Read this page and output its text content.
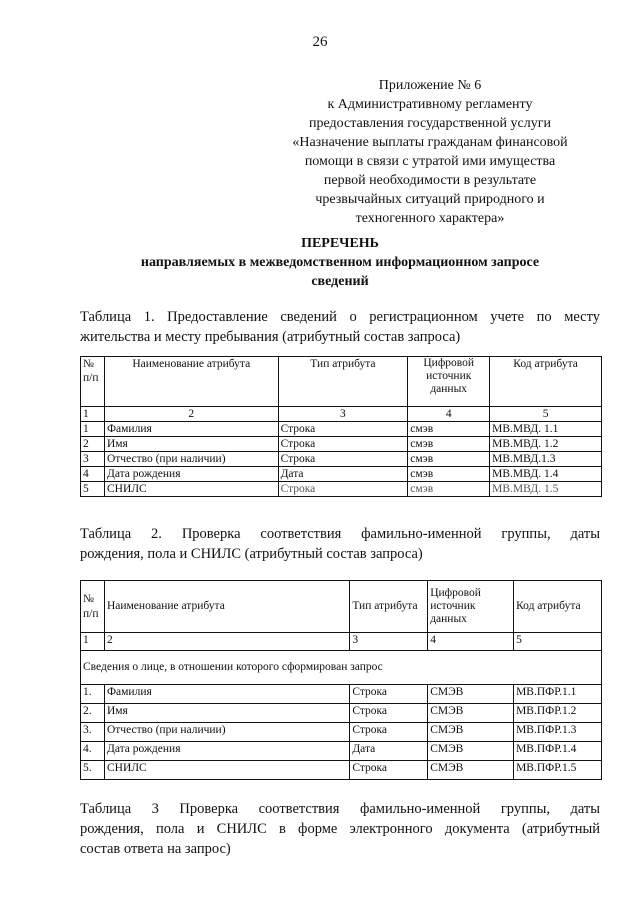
26
Приложение № 6
к Административному регламенту
предоставления государственной услуги
«Назначение выплаты гражданам финансовой
помощи в связи с утратой ими имущества
первой необходимости в результате
чрезвычайных ситуаций природного и
техногенного характера»
ПЕРЕЧЕНЬ
направляемых в межведомственном информационном запросе
сведений
Таблица 1. Предоставление сведений о регистрационном учете по месту
жительства и месту пребывания (атрибутный состав запроса)
№ п/п	Наименование атрибута	Тип атрибута	Цифровой источник данных	Код атрибута
1	2	3	4	5
1	Фамилия	Строка	смэв	МВ.МВД. 1.1
2	Имя	Строка	смэв	МВ.МВД. 1.2
3	Отчество (при наличии)	Строка	смэв	МВ.МВД.1.3
4	Дата рождения	Дата	смэв	МВ.МВД. 1.4
5	СНИЛС	Строка	смэв	МВ.МВД. 1.5
Таблица 2. Проверка соответствия фамильно-именной группы, даты
рождения, пола и СНИЛС (атрибутный состав запроса)
№ п/п	Наименование атрибута	Тип атрибута	Цифровой источник данных	Код атрибута
1	2	3	4	5
Сведения о лице, в отношении которого сформирован запрос				
1.	Фамилия	Строка	СМЭВ	МВ.ПФР.1.1
2.	Имя	Строка	СМЭВ	МВ.ПФР.1.2
3.	Отчество (при наличии)	Строка	СМЭВ	МВ.ПФР.1.3
4.	Дата рождения	Дата	СМЭВ	МВ.ПФР.1.4
5.	СНИЛС	Строка	СМЭВ	МВ.ПФР.1.5
Таблица 3 Проверка соответствия фамильно-именной группы, даты
рождения, пола и СНИЛС в форме электронного документа (атрибутный
состав ответа на запрос)
